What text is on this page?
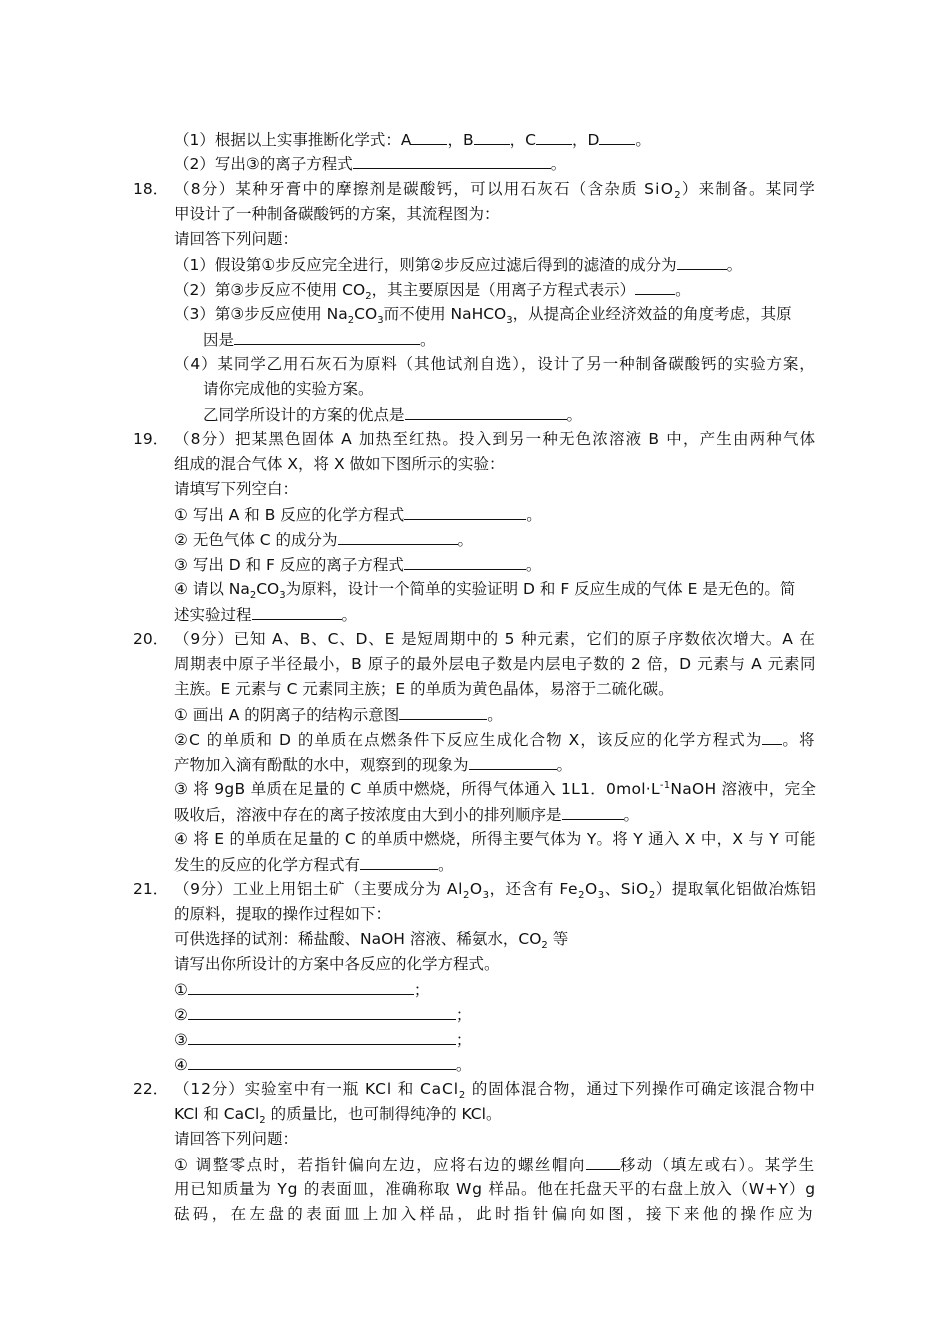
（1）根据以上实事推断化学式：A ，B ，C ，D 。
（2）写出③的离子方程式	。
18． （8分）某种牙膏中的摩擦剂是碳酸钙，可以用石灰石（含杂质 SiO$_2$）来制备。某同学
甲设计了一种制备碳酸钙的方案，其流程图为：
请回答下列问题：
（1）假设第①步反应完全进行，则第②步反应过滤后得到的滤渣的成分为	。
（2）第③步反应不使用 $CO_2$，其主要原因是（用离子方程式表示）	。
（3）第③步反应使用 $Na_2CO_3$而不使用 NaHCO$_3$，从提高企业经济效益的角度考虑，其原
因是	。
（4）某同学乙用石灰石为原料（其他试剂自选），设计了另一种制备碳酸钙的实验方案，
请你完成他的实验方案。
乙同学所设计的方案的优点是	。
19． （8分）把某黑色固体 A 加热至红热。投入到另一种无色浓溶液 B 中，产生由两种气体
组成的混合气体 X，将 X 做如下图所示的实验：
请填写下列空白：
① 写出 A 和 B 反应的化学方程式	。
② 无色气体 C 的成分为	。
③ 写出 D 和 F 反应的离子方程式	。
④ 请以 $Na_2CO_3$为原料，设计一个简单的实验证明 D 和 F 反应生成的气体 E 是无色的。简
述实验过程	。
20． （9分）已知 A、B、C、D、E 是短周期中的 5 种元素，它们的原子序数依次增大。A 在
周期表中原子半径最小，B 原子的最外层电子数是内层电子数的 2 倍，D 元素与 A 元素同
主族。E 元素与 C 元素同主族；E 的单质为黄色晶体，易溶于二硫化碳。
① 画出 A 的阴离子的结构示意图	。
②C 的单质和 D 的单质在点燃条件下反应生成化合物 X，该反应的化学方程式为 。将
产物加入滴有酚酞的水中，观察到的现象为	。
③ 将 9gB 单质在足量的 C 单质中燃烧，所得气体通入 1L1．$0mol\cdot L^{-1}NaOH$ 溶液中，完全
吸收后，溶液中存在的离子按浓度由大到小的排列顺序是	。
④ 将 E 的单质在足量的 C 的单质中燃烧，所得主要气体为 Y。将 Y 通入 X 中，X 与 Y 可能
发生的反应的化学方程式有	。
21． （9分）工业上用铝土矿（主要成分为 $Al_2O_3$，还含有 $Fe_2O_3$、SiO$_2$）提取氧化铝做冶炼铝
的原料，提取的操作过程如下：
可供选择的试剂：稀盐酸、NaOH 溶液、稀氨水，$CO_2$ 等
请写出你所设计的方案中各反应的化学方程式。
①	；
②	；
③	；
④	。
22． （12分）实验室中有一瓶 KCl 和 CaCl$_2$ 的固体混合物，通过下列操作可确定该混合物中
KCl 和 CaCl$_2$ 的质量比，也可制得纯净的 KCl。
请回答下列问题：
① 调整零点时，若指针偏向左边，应将右边的螺丝帽向 移动（填左或右）。某学生
用已知质量为 Yg 的表面皿，准确称取 Wg 样品。他在托盘天平的右盘上放入（W+Y）g
砝码，在左盘的表面皿上加入样品，此时指针偏向如图，接下来他的操作应为
